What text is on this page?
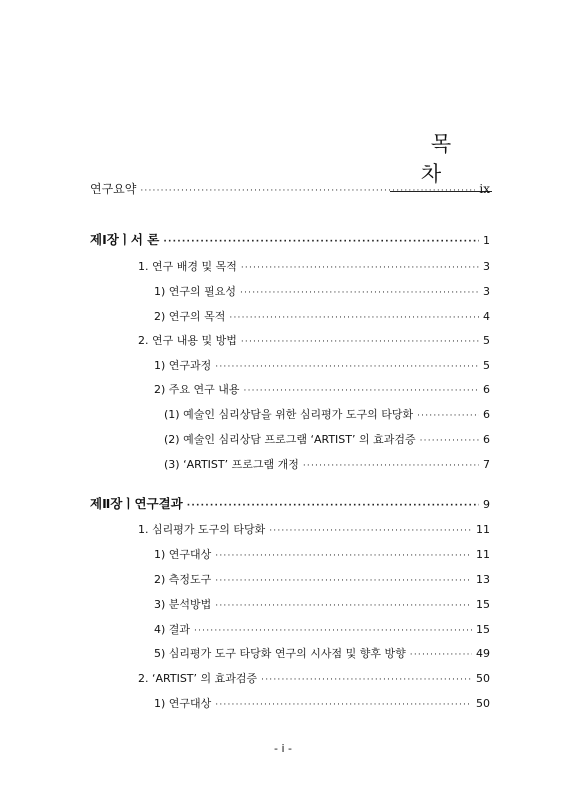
목 차
연구요약 ·····	ix
제Ⅰ장ㅣ서 론 ·····	1
1. 연구 배경 및 목적 ·····	3
1) 연구의 필요성 ·····	3
2) 연구의 목적 ·····	4
2. 연구 내용 및 방법 ·····	5
1) 연구과정 ·····	5
2) 주요 연구 내용 ·····	6
(1) 예술인 심리상담을 위한 심리평가 도구의 타당화 ·····	6
(2) 예술인 심리상담 프로그램 ‘ARTIST’ 의 효과검증 ·····	6
(3) ‘ARTIST’ 프로그램 개정 ·····	7
제Ⅱ장ㅣ연구결과 ·····	9
1. 심리평가 도구의 타당화 ·····	11
1) 연구대상 ·····	11
2) 측정도구 ·····	13
3) 분석방법 ·····	15
4) 결과 ·····	15
5) 심리평가 도구 타당화 연구의 시사점 및 향후 방향 ·····	49
2. ‘ARTIST’ 의 효과검증 ·····	50
1) 연구대상 ·····	50
- i -
